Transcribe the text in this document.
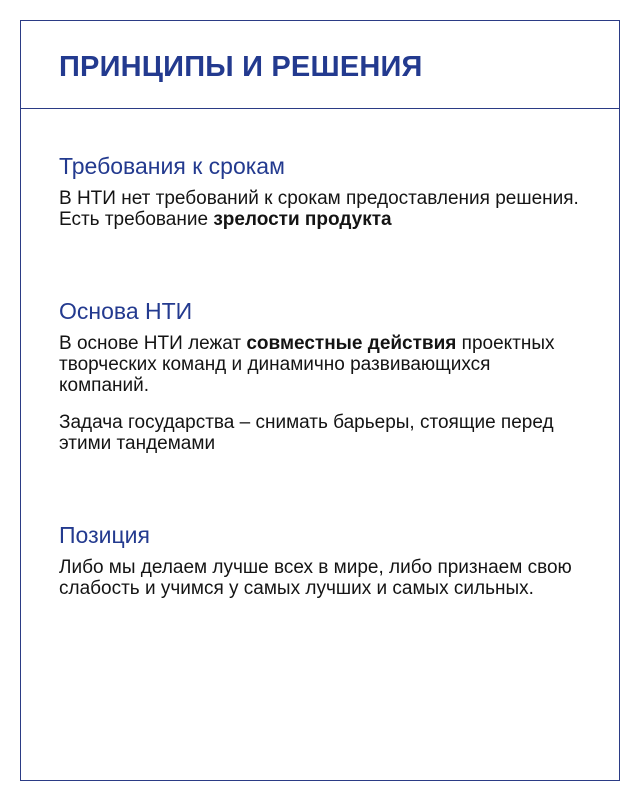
ПРИНЦИПЫ И РЕШЕНИЯ
Требования к срокам

В НТИ нет требований к срокам предоставления решения. Есть требование зрелости продукта

Основа НТИ

В основе НТИ лежат совместные действия проектных творческих команд и динамично развивающихся компаний.

Задача государства – снимать барьеры, стоящие перед этими тандемами

Позиция

Либо мы делаем лучше всех в мире, либо признаем свою слабость и учимся у самых лучших и самых сильных.
